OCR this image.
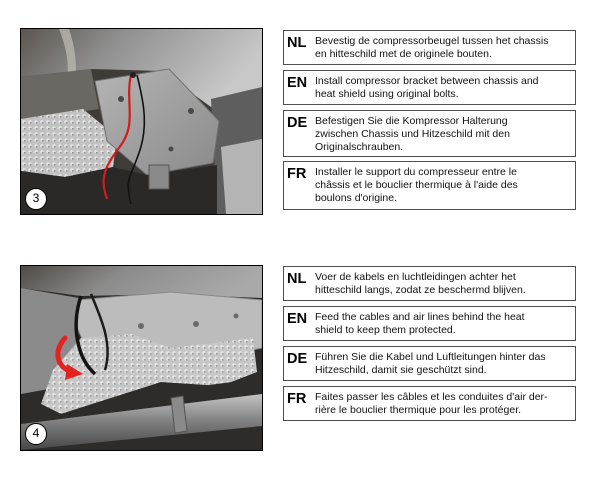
3
NL Bevestig de compressorbeugel tussen het chassis
en hitteschild met de originele bouten.
EN Install compressor bracket between chassis and
heat shield using original bolts.
DE Befestigen Sie die Kompressor Halterung
zwischen Chassis und Hitzeschild mit den
Originalschrauben.
FR Installer le support du compresseur entre le
châssis et le bouclier thermique à l'aide des
boulons d'origine.
4
NL Voer de kabels en luchtleidingen achter het
hitteschild langs, zodat ze beschermd blijven.
EN Feed the cables and air lines behind the heat
shield to keep them protected.
DE Führen Sie die Kabel und Luftleitungen hinter das
Hitzeschild, damit sie geschützt sind.
FR Faites passer les câbles et les conduites d'air der-
rière le bouclier thermique pour les protéger.
